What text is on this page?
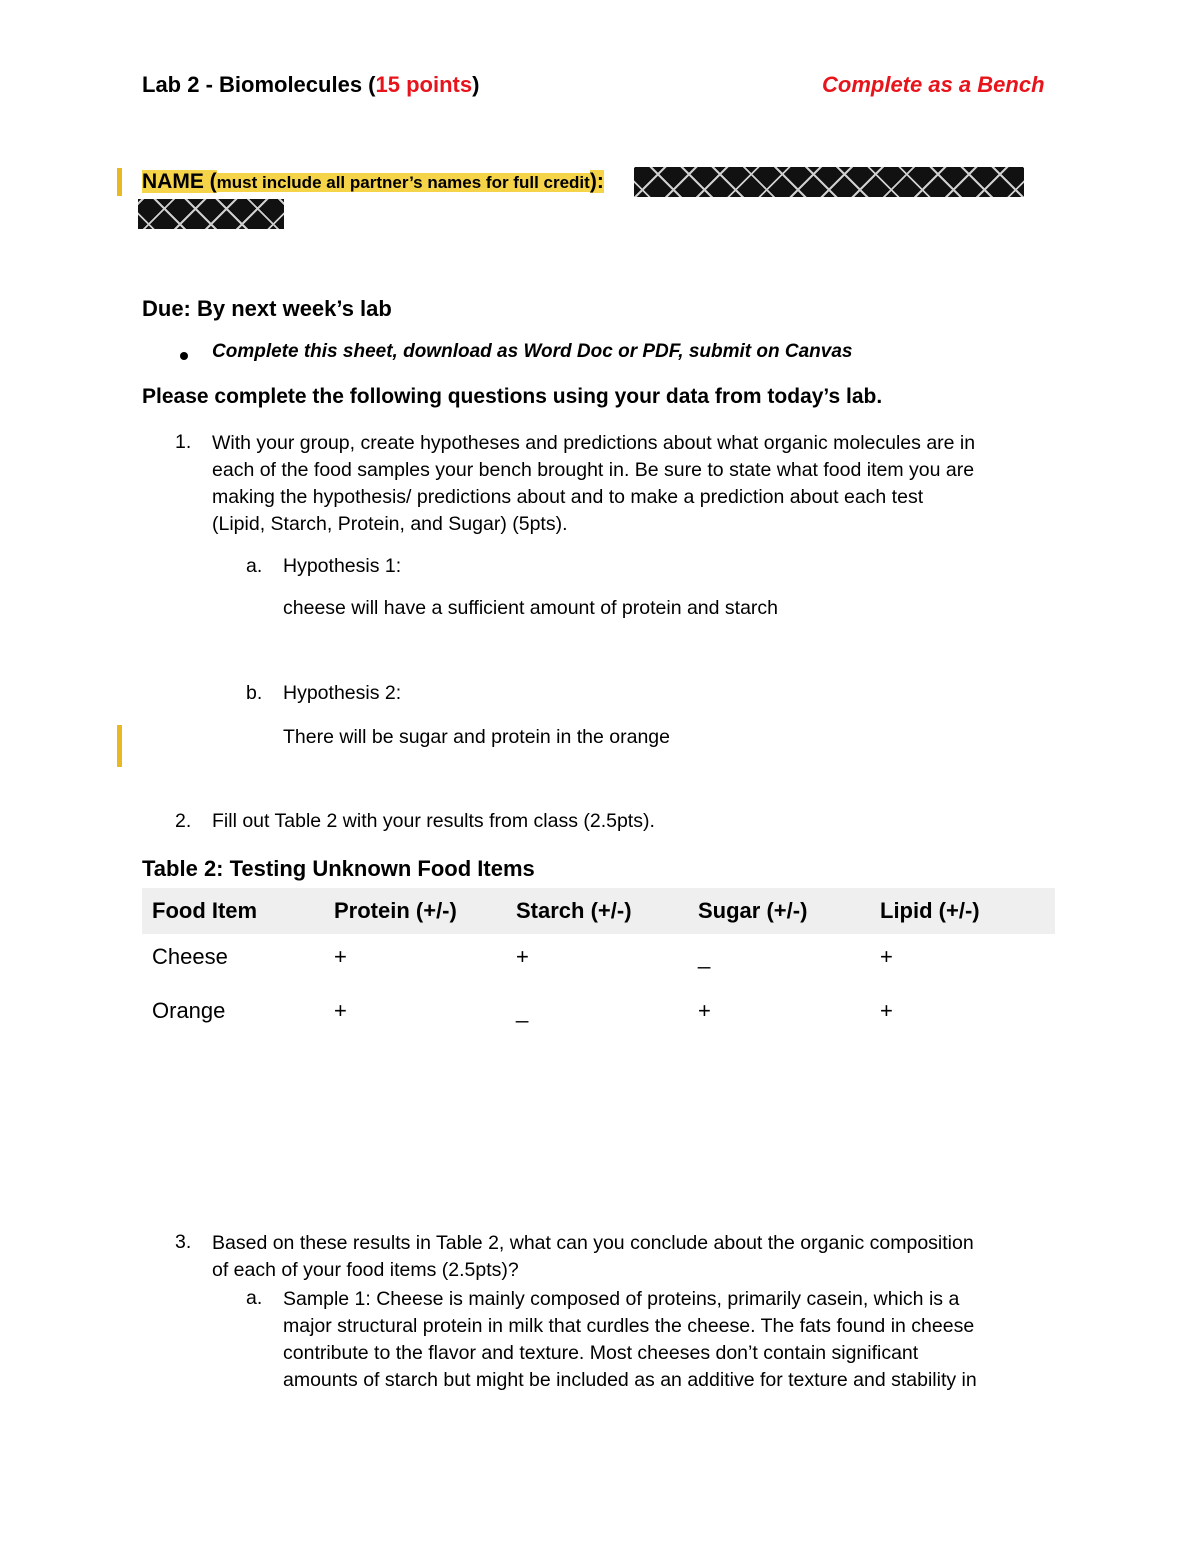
Lab 2 - Biomolecules (15 points)	Complete as a Bench
NAME (must include all partner’s names for full credit):
Due: By next week’s lab
Complete this sheet, download as Word Doc or PDF, submit on Canvas
Please complete the following questions using your data from today’s lab.
1. With your group, create hypotheses and predictions about what organic molecules are in
each of the food samples your bench brought in. Be sure to state what food item you are
making the hypothesis/ predictions about and to make a prediction about each test
(Lipid, Starch, Protein, and Sugar) (5pts).
a. Hypothesis 1:
cheese will have a sufficient amount of protein and starch
b. Hypothesis 2:
There will be sugar and protein in the orange
2. Fill out Table 2 with your results from class (2.5pts).
Table 2: Testing Unknown Food Items
Food Item	Protein (+/-)	Starch (+/-)	Sugar (+/-)	Lipid (+/-)
Cheese	+	+	_	+
Orange	+	_	+	+
3. Based on these results in Table 2, what can you conclude about the organic composition
of each of your food items (2.5pts)?
a. Sample 1: Cheese is mainly composed of proteins, primarily casein, which is a
major structural protein in milk that curdles the cheese. The fats found in cheese
contribute to the flavor and texture. Most cheeses don’t contain significant
amounts of starch but might be included as an additive for texture and stability in
